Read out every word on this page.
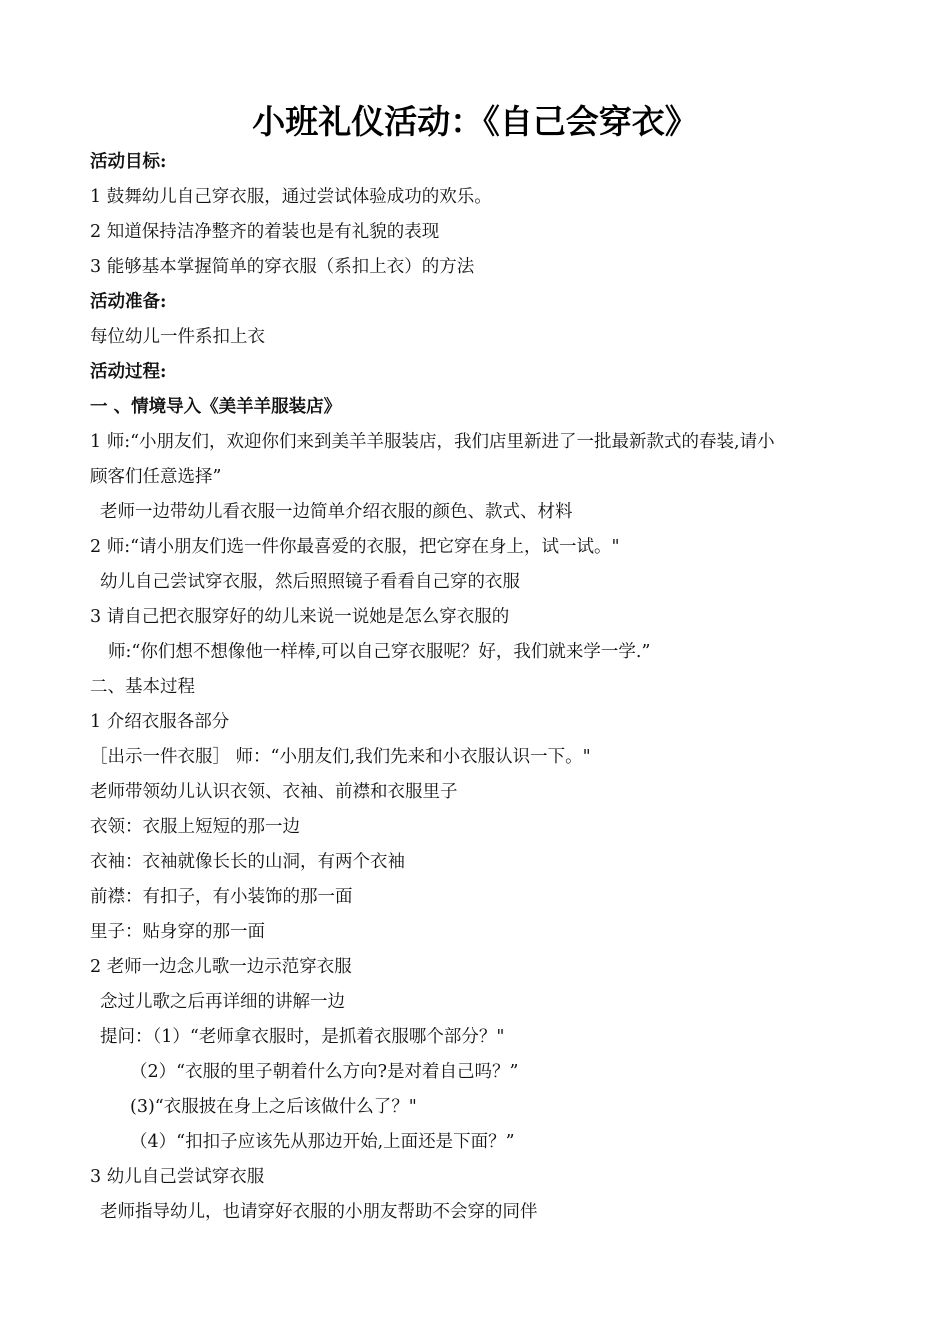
小班礼仪活动：《自己会穿衣》
活动目标:
1 鼓舞幼儿自己穿衣服，通过尝试体验成功的欢乐。
2 知道保持洁净整齐的着装也是有礼貌的表现
3 能够基本掌握简单的穿衣服（系扣上衣）的方法
活动准备:
每位幼儿一件系扣上衣
活动过程:
一 、情境导入《美羊羊服装店》
1 师:“小朋友们，欢迎你们来到美羊羊服装店，我们店里新进了一批最新款式的春装,请小
顾客们任意选择”
老师一边带幼儿看衣服一边简单介绍衣服的颜色、款式、材料
2 师:“请小朋友们选一件你最喜爱的衣服，把它穿在身上，试一试。"
幼儿自己尝试穿衣服，然后照照镜子看看自己穿的衣服
3 请自己把衣服穿好的幼儿来说一说她是怎么穿衣服的
师:“你们想不想像他一样棒,可以自己穿衣服呢？好，我们就来学一学.”
二、基本过程
1 介绍衣服各部分
［出示一件衣服］ 师：“小朋友们,我们先来和小衣服认识一下。"
老师带领幼儿认识衣领、衣袖、前襟和衣服里子
衣领：衣服上短短的那一边
衣袖：衣袖就像长长的山洞，有两个衣袖
前襟：有扣子，有小装饰的那一面
里子：贴身穿的那一面
2 老师一边念儿歌一边示范穿衣服
念过儿歌之后再详细的讲解一边
提问：（1）“老师拿衣服时，是抓着衣服哪个部分？"
（2）“衣服的里子朝着什么方向?是对着自己吗？”
(3)“衣服披在身上之后该做什么了？"
（4）“扣扣子应该先从那边开始,上面还是下面？”
3 幼儿自己尝试穿衣服
老师指导幼儿，也请穿好衣服的小朋友帮助不会穿的同伴
